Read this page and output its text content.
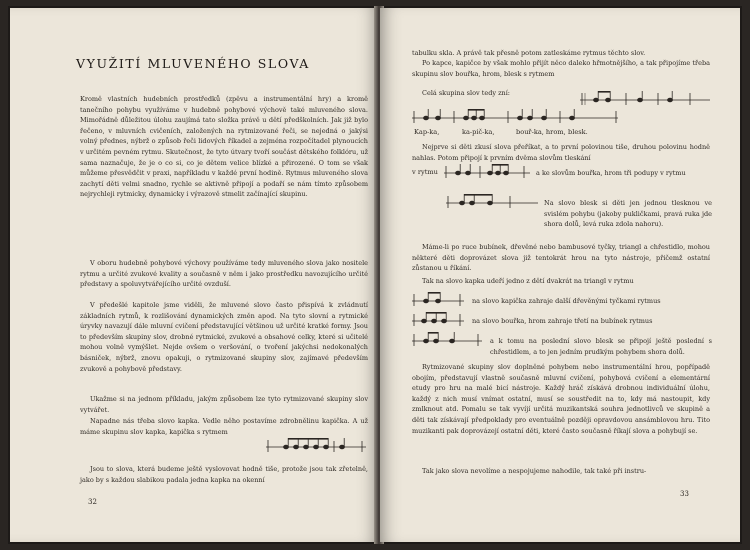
VYUŽITÍ MLUVENÉHO SLOVA

Kromě vlastních hudebních prostředků (zpěvu a instrumentální hry) a kromě tanečního pohybu využíváme v hudebně pohybové výchově také mluveného slova. Mimořádně důležitou úlohu zaujímá tato složka právě u dětí předškolních. Jak již bylo řečeno, v mluvních cvičeních, založených na rytmizované řeči, se nejedná o jakýsi volný přednes, nýbrž o způsob řeči lidových říkadel a zejména rozpočítadel plynoucích v určitém pevném rytmu. Skutečnost, že tyto útvary tvoří součást dětského folklóru, už sama naznačuje, že je o co si, co je dětem velice blízké a přirozené. O tom se však můžeme přesvědčit v praxi, napříkladu v každé první hodině. Rytmus mluveného slova zachytí děti velmi snadno, rychle se aktivně připojí a podaří se nám tímto způsobem nejrychleji rytmicky, dynamicky i výrazově stmelit začínající skupinu.

V oboru hudebně pohybové výchovy používáme tedy mluveného slova jako nositele rytmu a určité zvukové kvality a současně v něm i jako prostředku navozujícího určité představy a spoluvytvářejícího určité ovzduší.

V předešlé kapitole jsme viděli, že mluvené slovo často přispívá k zvládnutí základních rytmů, k rozlišování dynamických změn apod. Na tyto slovní a rytmické úryvky navazují dále mluvní cvičení představující většinou už určité kratké formy. Jsou to především skupiny slov, drobné rytmické, zvukové a obsahové celky, které si učitelé mohou volně vymýšlet. Nejde ovšem o veršování, o tvoření jakýchsi nedokonalých básniček, nýbrž, znovu opakuji, o rytmizované skupiny slov, zajímavé především zvukově a pohybově představy.

Ukažme si na jednom příkladu, jakým způsobem lze tyto rytmizované skupiny slov vytvářet.

Napadne nás třeba slovo kapka. Vedle něho postavíme zdrobnělinu kapička. A už máme skupinu slov kapka, kapička s rytmem

Jsou to slova, která budeme ještě vyslovovat hodně tiše, protože jsou tak zřetelně, jako by s každou slabikou padala jedna kapka na okenní

32

tabulku skla. A právě tak přesně potom zatleskáme rytmus těchto slov.

Po kapce, kapičce by však mohlo přijít něco daleko hřmotnějšího, a tak připojíme třeba skupinu slov bouřka, hrom, blesk s rytmem

Celá skupina slov tedy zní:

Kap-ka,	ka-pič-ka,	bouř-ka, hrom, blesk.

Nejprve si děti zkusí slova přeříkat, a to první polovinou tiše, druhou polovinu hodně nahlas. Potom připojí k prvním dvěma slovům tleskání

v rytmu	a ke slovům bouřka, hrom tři podupy v rytmu

Na slovo blesk si děti jen jednou tlesknou ve svislém pohybu (jakoby pukličkami, pravá ruka jde shora dolů, levá ruka zdola nahoru).

Máme-li po ruce bubínek, dřevěné nebo bambusové tyčky, triangl a chřestidlo, mohou některé děti doprovázet slova již tentokrát hrou na tyto nástroje, přičemž ostatní zůstanou u říkání.

Tak na slovo kapka udeří jedno z dětí dvakrát na triangl v rytmu

na slovo kapička zahraje další dřevěnými tyčkami rytmus

na slovo bouřka, hrom zahraje třetí na bubínek rytmus

a k tomu na poslední slovo blesk se připojí ještě poslední s chřestidlem, a to jen jedním prudkým pohybem shora dolů.

Rytmizované skupiny slov doplněné pohybem nebo instrumentální hrou, popřípadě obojím, představují vlastně současně mluvní cvičení, pohybová cvičení a elementární etudy pro hru na malé bicí nástroje. Každý hráč získává drobnou individuální úlohu, každý z nich musí vnímat ostatní, musí se soustředit na to, kdy má nastoupit, kdy zmlknout atd. Pomalu se tak vyvíjí určitá muzikantská souhra jednotlivců ve skupině a děti tak získávají předpoklady pro eventuálně později opravdovou ansámblovou hru. Tito muzikanti pak doprovázejí ostatní děti, které často současně říkají slova a pohybují se.

Tak jako slova nevolíme a nespojujeme nahodile, tak také při instru-

33
